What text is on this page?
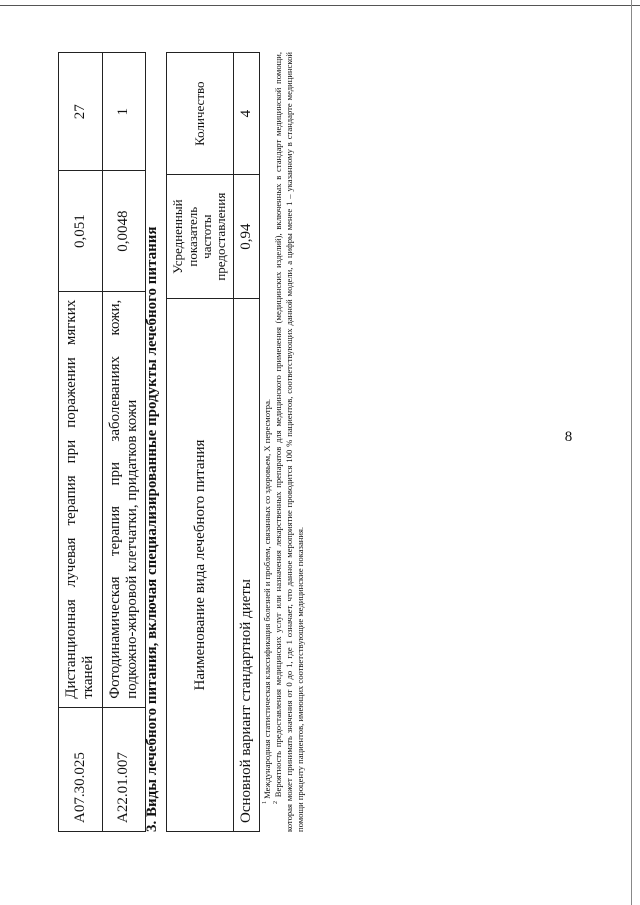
8
A07.30.025	Дистанционная лучевая терапия при поражении мягких тканей	0,051	27
A22.01.007	Фотодинамическая терапия при заболеваниях кожи, подкожно-жировой клетчатки, придатков кожи	0,0048	1
3. Виды лечебного питания, включая специализированные продукты лечебного питания Наименование вида лечебного питания	Усредненный показатель частоты предоставления	Количество
Основной вариант стандартной диеты	0,94	4

$^1$ Международная статистическая классификация болезней и проблем, связанных со здоровьем, X пересмотра.

$^2$ Вероятность предоставления медицинских услуг или назначения лекарственных препаратов для медицинского применения (медицинских изделий), включенных в стандарт медицинской помощи, которая может принимать значения от 0 до 1, где 1 означает, что данное мероприятие проводится 100 % пациентов, соответствующих данной модели, а цифры менее 1 – указанному в стандарте медицинской помощи проценту пациентов, имеющих соответствующие медицинские показания.
